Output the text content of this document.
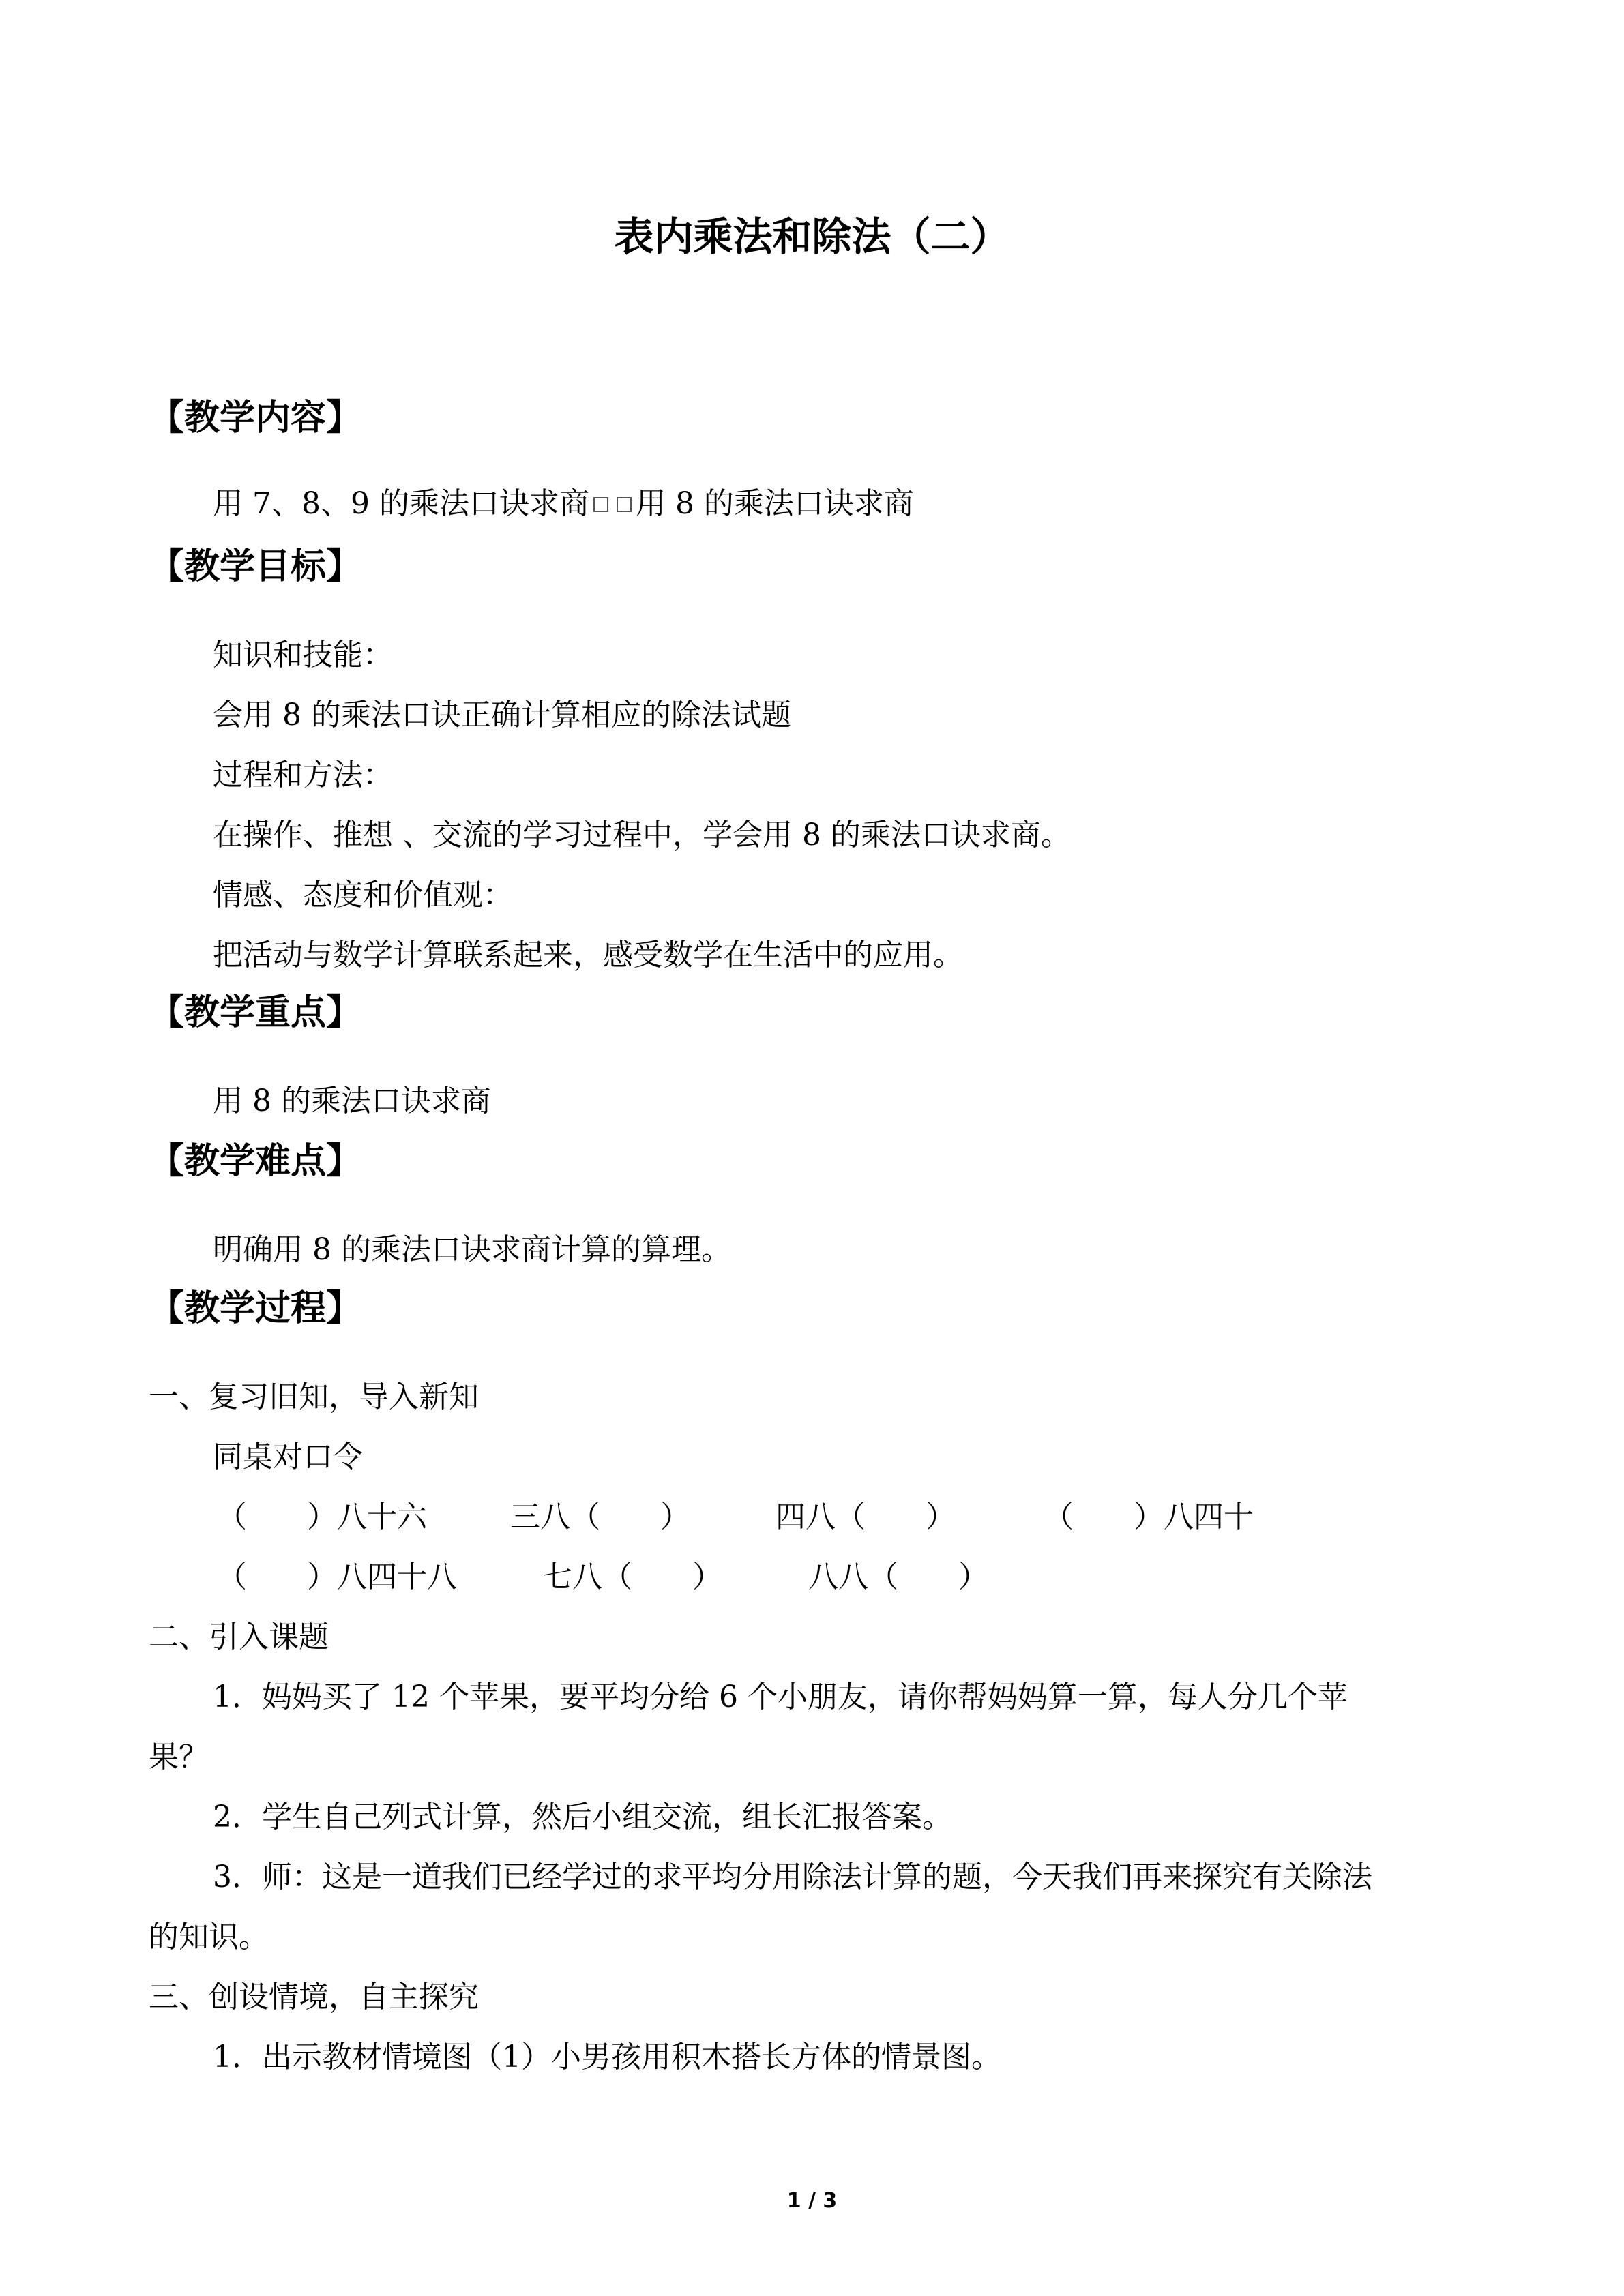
表内乘法和除法（二）
【教学内容】
用 7、8、9 的乘法口诀求商 用 8 的乘法口诀求商
【教学目标】
知识和技能：
会用 8 的乘法口诀正确计算相应的除法试题
过程和方法：
在操作、推想 、交流的学习过程中，学会用 8 的乘法口诀求商。
情感、态度和价值观：
把活动与数学计算联系起来，感受数学在生活中的应用。
【教学重点】
用 8 的乘法口诀求商
【教学难点】
明确用 8 的乘法口诀求商计算的算理。
【教学过程】
一、复习旧知，导入新知
同桌对口令
（　　）八十六	三八（　　）	四八（　　）	（　　）八四十
（　　）八四十八	七八（　　）	八八（　　）
二、引入课题
1．妈妈买了 12 个苹果，要平均分给 6 个小朋友，请你帮妈妈算一算，每人分几个苹
果？
2．学生自己列式计算，然后小组交流，组长汇报答案。
3．师：这是一道我们已经学过的求平均分用除法计算的题，今天我们再来探究有关除法
的知识。
三、创设情境，自主探究
1．出示教材情境图（1）小男孩用积木搭长方体的情景图。
1 / 3
